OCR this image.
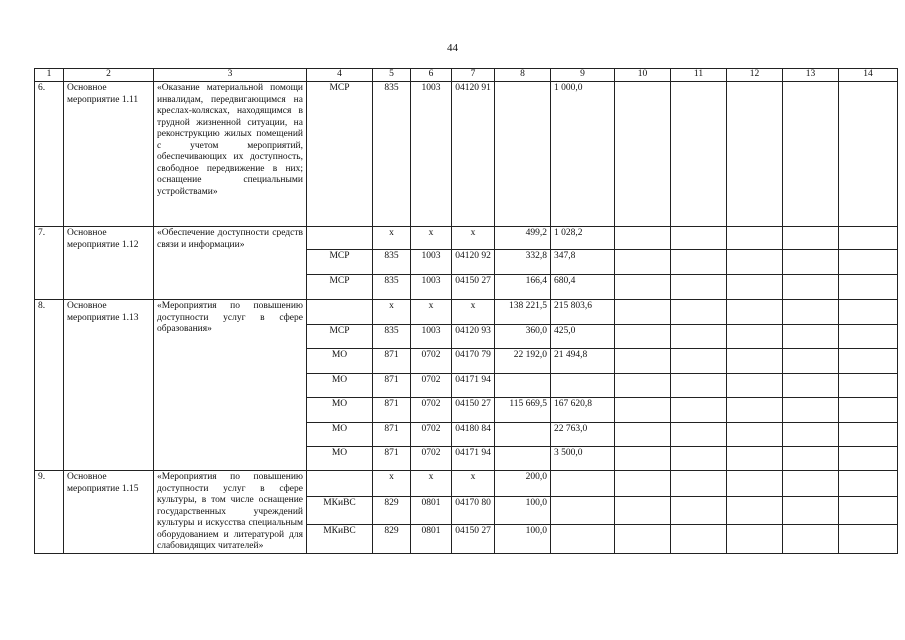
44
1	2	3	4	5	6	7	8	9	10	11	12	13	14
6.	Основное мероприятие 1.11	«Оказание материальной помощи инвалидам, передвигающимся на креслах-колясках, находящимся в трудной жизненной ситуации, на реконструкцию жилых помещений с учетом мероприятий, обеспечивающих их доступность, свободное передвижение в них; оснащение специальными устройствами»	МСР	835	1003	04120 91		1 000,0					
7.	Основное мероприятие 1.12	«Обеспечение доступности средств связи и информации»		х	х	х	499,2	1 028,2					
			МСР	835	1003	04120 92	332,8	347,8					
			МСР	835	1003	04150 27	166,4	680,4					
8.	Основное мероприятие 1.13	«Мероприятия по повышению доступности услуг в сфере образования»		х	х	х	138 221,5	215 803,6					
			МСР	835	1003	04120 93	360,0	425,0					
			МО	871	0702	04170 79	22 192,0	21 494,8					
			МО	871	0702	04171 94							
			МО	871	0702	04150 27	115 669,5	167 620,8					
			МО	871	0702	04180 84		22 763,0					
			МО	871	0702	04171 94		3 500,0					
9.	Основное мероприятие 1.15	«Мероприятия по повышению доступности услуг в сфере культуры, в том числе оснащение государственных учреждений культуры и искусства специальным оборудованием и литературой для слабовидящих читателей»		х	х	х	200,0						
			МКиВС	829	0801	04170 80	100,0						
			МКиВС	829	0801	04150 27	100,0						
